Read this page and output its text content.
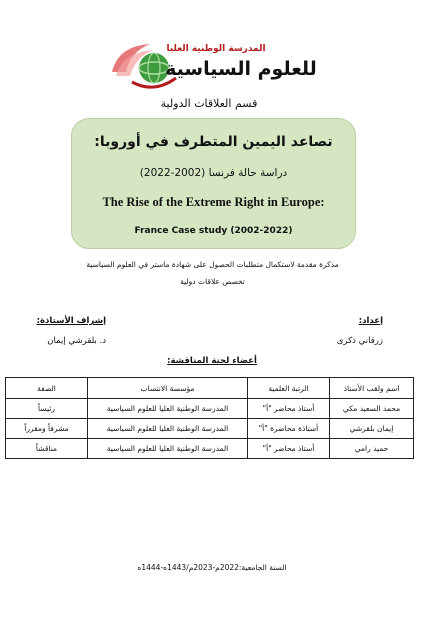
المدرسة الوطنية العليا
للعلوم السياسية
قسم العلاقات الدولية
تصاعد اليمين المتطرف في أوروبا:
دراسة حالة فرنسا (2002-2022)
The Rise of the Extreme Right in Europe:
France Case study (2002-2022)
مذكرة مقدمة لاستكمال متطلبات الحصول على شهادة ماستر في العلوم السياسية
تخصص علاقات دولية
إعداد:
زرقاني ذكرى
إشراف الأستاذة:
د. بلقرشي إيمان
أعضاء لجنة المناقشة:
اسم ولقب الأستاذ	الرتبة العلمية	مؤسسة الانتساب	الصفة
محمد السعيد مكي	أستاذ محاضر "أ"	المدرسة الوطنية العليا للعلوم السياسية	رئيساً
إيمان بلقرشي	أستاذة محاضرة "أ"	المدرسة الوطنية العليا للعلوم السياسية	مشرفاً ومقرراً
حميد رامي	أستاذ محاضر "أ"	المدرسة الوطنية العليا للعلوم السياسية	مناقشاً
السنة الجامعية:2022م-2023م/1443ه-1444ه
